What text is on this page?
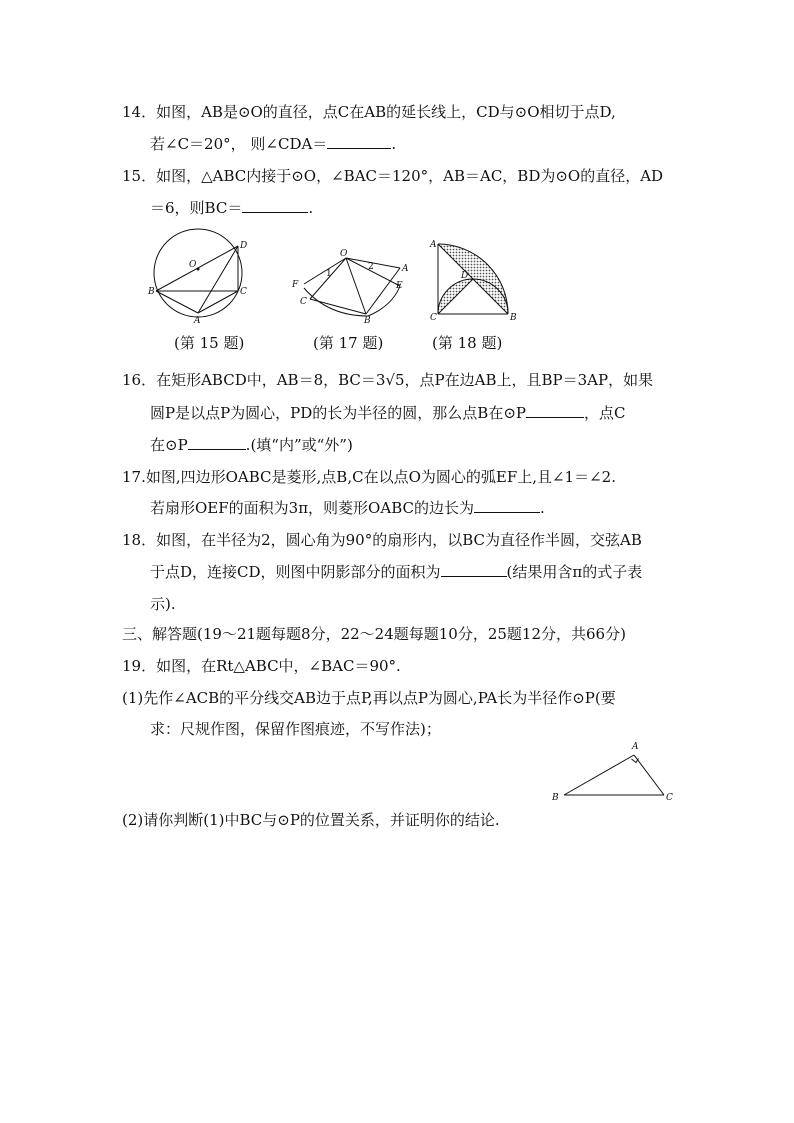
14．如图，AB是⊙O的直径，点C在AB的延长线上，CD与⊙O相切于点D,
若∠C＝20°， 则∠CDA＝	.
15．如图，△ABC内接于⊙O，∠BAC＝120°，AB＝AC，BD为⊙O的直径，AD
＝6，则BC＝	.
O
D
B	C
A
(第 15 题)
O
A
F	E
C
B
1
2
(第 17 题)
A
D
C	B
(第 18 题)
16．在矩形ABCD中，AB＝8，BC＝3√5，点P在边AB上，且BP＝3AP，如果
圆P是以点P为圆心，PD的长为半径的圆，那么点B在⊙P	，点C
在⊙P	.(填“内”或“外”)
17.如图,四边形OABC是菱形,点B,C在以点O为圆心的弧EF上,且∠1＝∠2.
若扇形OEF的面积为3π，则菱形OABC的边长为	.
18．如图，在半径为2，圆心角为90°的扇形内，以BC为直径作半圆，交弦AB
于点D，连接CD，则图中阴影部分的面积为	(结果用含π的式子表
示).
三、解答题(19～21题每题8分，22～24题每题10分，25题12分，共66分)
19．如图，在Rt△ABC中，∠BAC＝90°.
(1)先作∠ACB的平分线交AB边于点P,再以点P为圆心,PA长为半径作⊙P(要
求：尺规作图，保留作图痕迹，不写作法)；
A
B	C
(2)请你判断(1)中BC与⊙P的位置关系，并证明你的结论.
